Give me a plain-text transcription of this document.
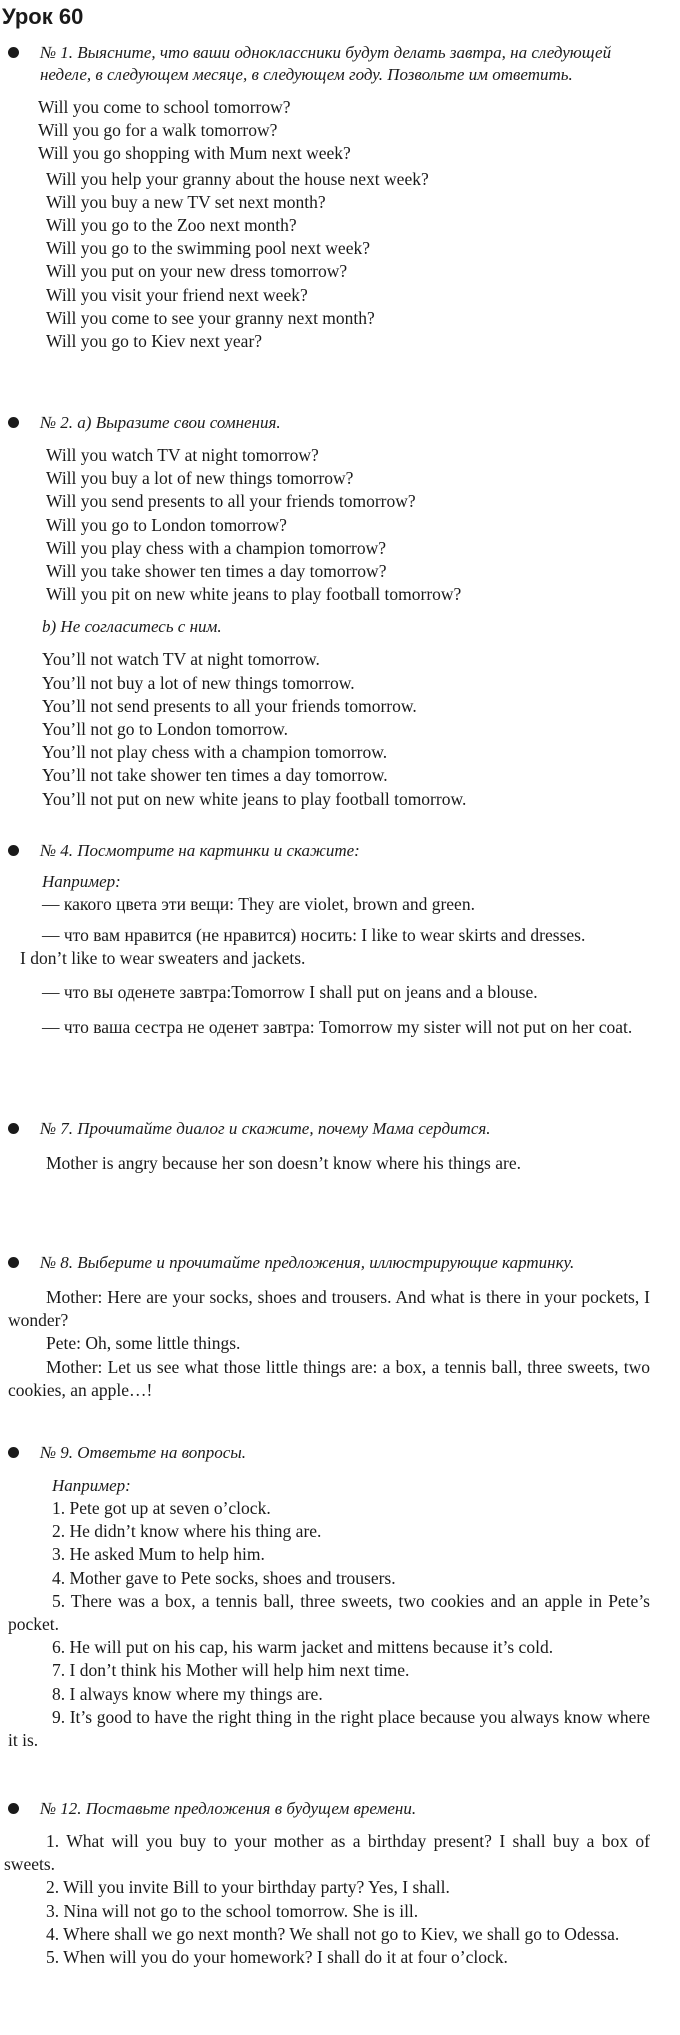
Урок 60
№ 1. Выясните, что ваши одноклассники будут делать завтра, на следующей неделе, в следующем месяце, в следующем году. Позвольте им ответить.
Will you come to school tomorrow?
Will you go for a walk tomorrow?
Will you go shopping with Mum next week?
Will you help your granny about the house next week?
Will you buy a new TV set next month?
Will you go to the Zoo next month?
Will you go to the swimming pool next week?
Will you put on your new dress tomorrow?
Will you visit your friend next week?
Will you come to see your granny next month?
Will you go to Kiev next year?
№ 2. а) Выразите свои сомнения.
Will you watch TV at night tomorrow?
Will you buy a lot of new things tomorrow?
Will you send presents to all your friends tomorrow?
Will you go to London tomorrow?
Will you play chess with a champion tomorrow?
Will you take shower ten times a day tomorrow?
Will you pit on new white jeans to play football tomorrow?
b) Не согласитесь с ним.
You’ll not watch TV at night tomorrow.
You’ll not buy a lot of new things tomorrow.
You’ll not send presents to all your friends tomorrow.
You’ll not go to London tomorrow.
You’ll not play chess with a champion tomorrow.
You’ll not take shower ten times a day tomorrow.
You’ll not put on new white jeans to play football tomorrow.
№ 4. Посмотрите на картинки и скажите:
Например:
— какого цвета эти вещи: They are violet, brown and green.
— что вам нравится (не нравится) носить: I like to wear skirts and dresses.
I don’t like to wear sweaters and jackets.
— что вы оденете завтра:Tomorrow I shall put on jeans and a blouse.
— что ваша сестра не оденет завтра: Tomorrow my sister will not put on her coat.
№ 7. Прочитайте диалог и скажите, почему Мама сердится.
Mother is angry because her son doesn’t know where his things are.
№ 8. Выберите и прочитайте предложения, иллюстрирующие картинку.
Mother: Here are your socks, shoes and trousers. And what is there in your pockets, I wonder?
Pete: Oh, some little things.
Mother: Let us see what those little things are: a box, a tennis ball, three sweets, two cookies, an apple…!
№ 9. Ответьте на вопросы.
Например:
1. Pete got up at seven o’clock.
2. He didn’t know where his thing are.
3. He asked Mum to help him.
4. Mother gave to Pete socks, shoes and trousers.
5. There was a box, a tennis ball, three sweets, two cookies and an apple in Pete’s pocket.
6. He will put on his cap, his warm jacket and mittens because it’s cold.
7. I don’t think his Mother will help him next time.
8. I always know where my things are.
9. It’s good to have the right thing in the right place because you always know where it is.
№ 12. Поставьте предложения в будущем времени.
1. What will you buy to your mother as a birthday present? I shall buy a box of sweets.
2. Will you invite Bill to your birthday party? Yes, I shall.
3. Nina will not go to the school tomorrow. She is ill.
4. Where shall we go next month? We shall not go to Kiev, we shall go to Odessa.
5. When will you do your homework? I shall do it at four o’clock.
